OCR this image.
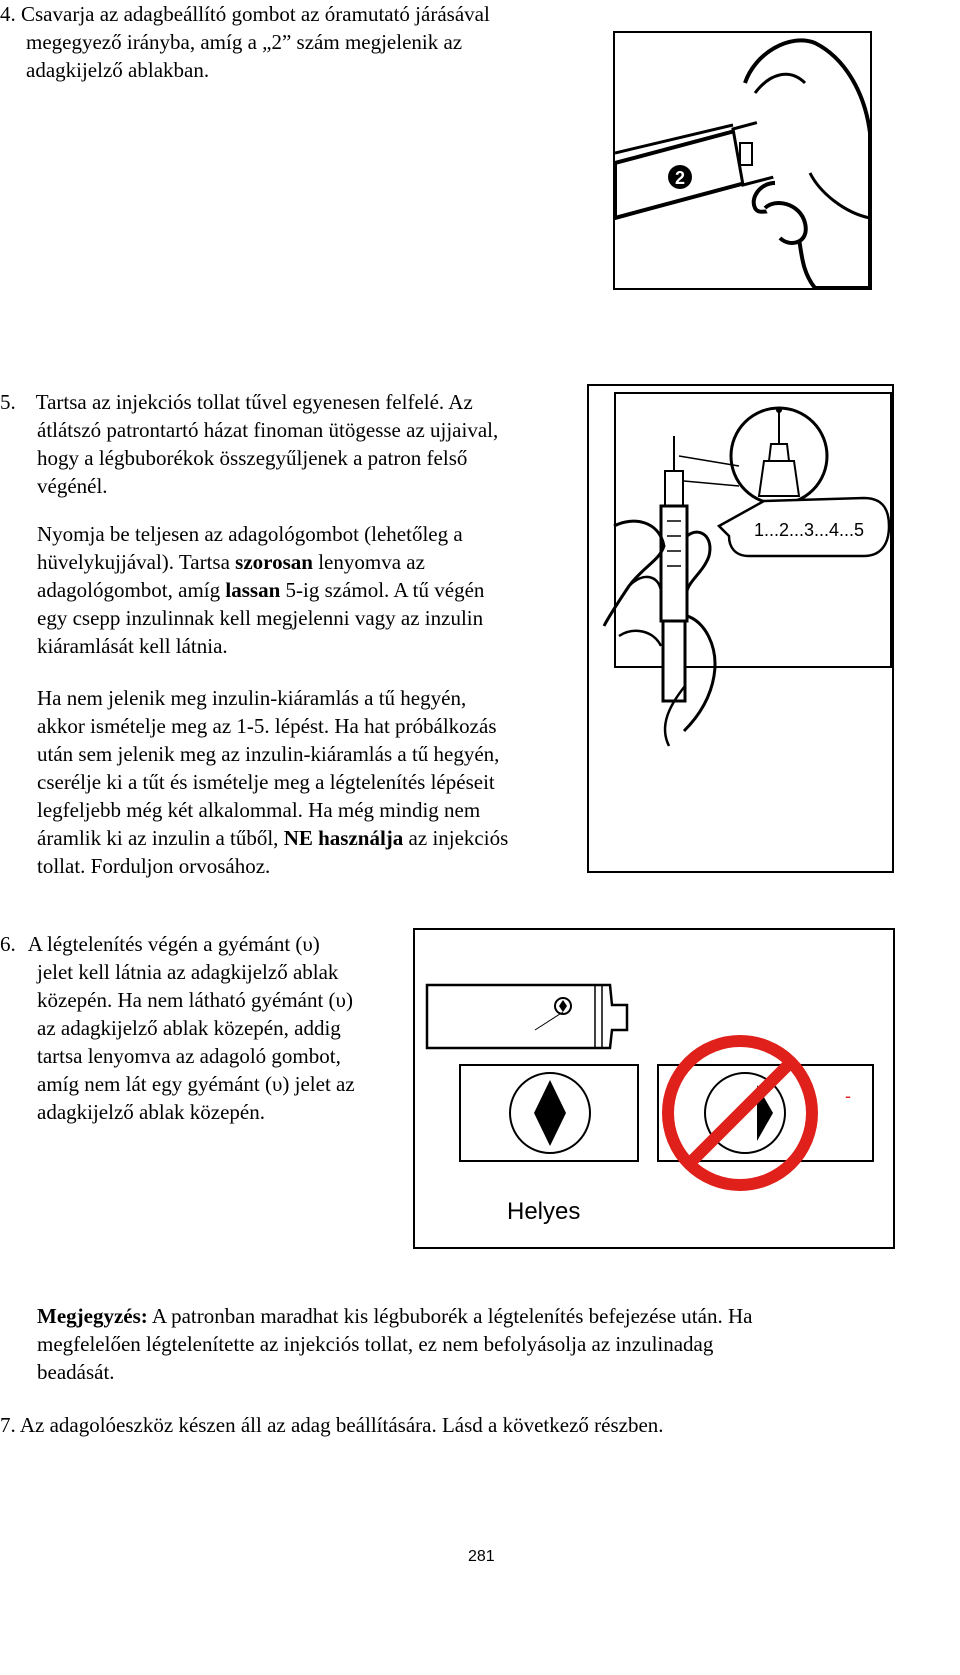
4. Csavarja az adagbeállító gombot az óramutató járásával
megegyező irányba, amíg a „2” szám megjelenik az
adagkijelző ablakban.
2
5. Tartsa az injekciós tollat tűvel egyenesen felfelé. Az
átlátszó patrontartó házat finoman ütögesse az ujjaival,
hogy a légbuborékok összegyűljenek a patron felső
végénél.
Nyomja be teljesen az adagológombot (lehetőleg a
hüvelykujjával). Tartsa szorosan lenyomva az
adagológombot, amíg lassan 5-ig számol. A tű végén
egy csepp inzulinnak kell megjelenni vagy az inzulin
kiáramlását kell látnia.
Ha nem jelenik meg inzulin-kiáramlás a tű hegyén,
akkor ismételje meg az 1-5. lépést. Ha hat próbálkozás
után sem jelenik meg az inzulin-kiáramlás a tű hegyén,
cserélje ki a tűt és ismételje meg a légtelenítés lépéseit
legfeljebb még két alkalommal. Ha még mindig nem
áramlik ki az inzulin a tűből, NE használja az injekciós
tollat. Forduljon orvosához.
1...2...3...4...5
6. A légtelenítés végén a gyémánt (υ)
jelet kell látnia az adagkijelző ablak
közepén. Ha nem látható gyémánt (υ)
az adagkijelző ablak közepén, addig
tartsa lenyomva az adagoló gombot,
amíg nem lát egy gyémánt (υ) jelet az
adagkijelző ablak közepén.
-
Helyes
Megjegyzés: A patronban maradhat kis légbuborék a légtelenítés befejezése után. Ha
megfelelően légtelenítette az injekciós tollat, ez nem befolyásolja az inzulinadag
beadását.
7. Az adagolóeszköz készen áll az adag beállítására. Lásd a következő részben.
281
